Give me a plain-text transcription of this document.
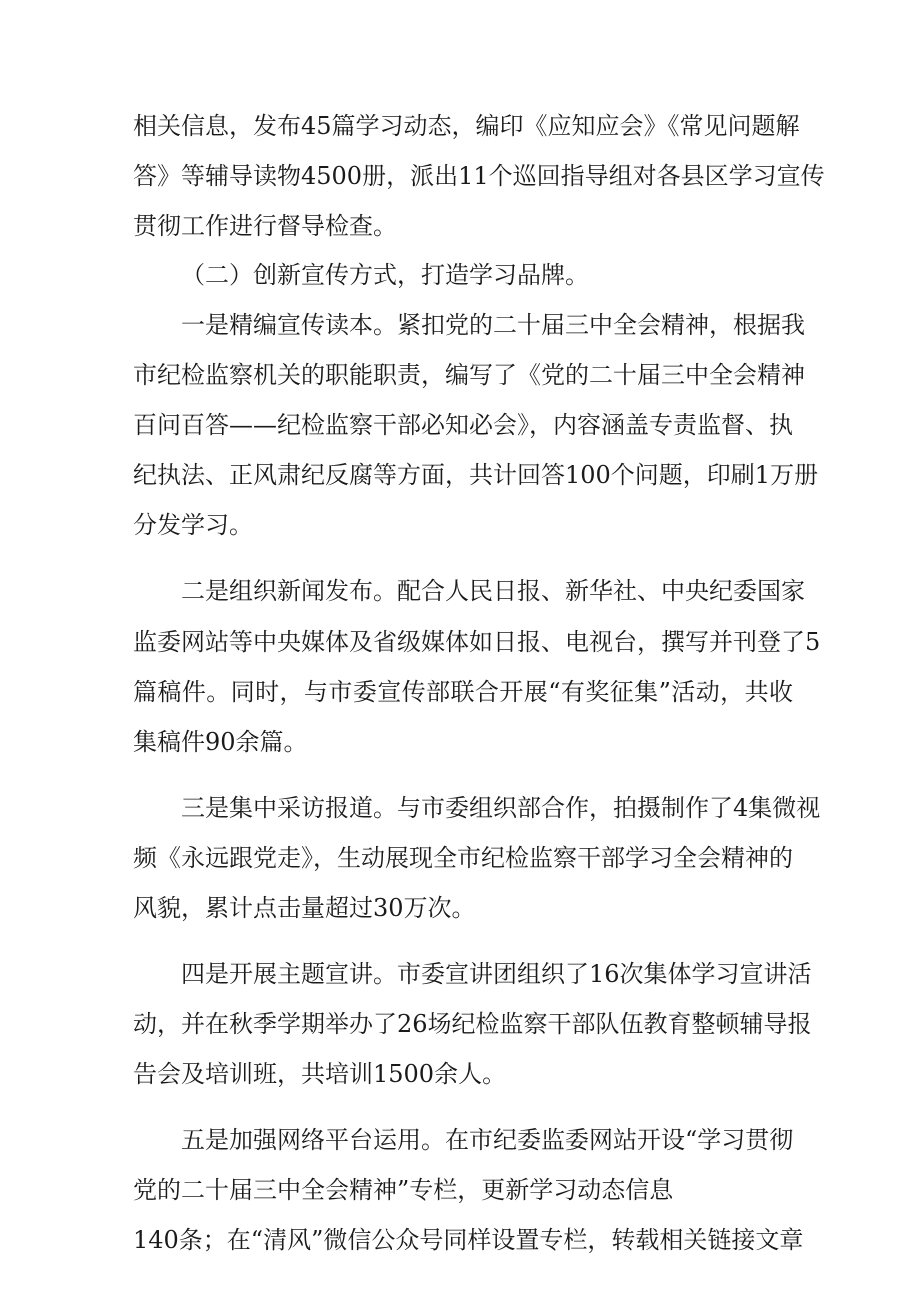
相关信息，发布45篇学习动态，编印《应知应会》《常见问题解
答》等辅导读物4500册，派出11个巡回指导组对各县区学习宣传
贯彻工作进行督导检查。
（二）创新宣传方式，打造学习品牌。
一是精编宣传读本。紧扣党的二十届三中全会精神，根据我
市纪检监察机关的职能职责，编写了《党的二十届三中全会精神
百问百答——纪检监察干部必知必会》，内容涵盖专责监督、执
纪执法、正风肃纪反腐等方面，共计回答100个问题，印刷1万册
分发学习。
二是组织新闻发布。配合人民日报、新华社、中央纪委国家
监委网站等中央媒体及省级媒体如日报、电视台，撰写并刊登了5
篇稿件。同时，与市委宣传部联合开展“有奖征集”活动，共收
集稿件90余篇。
三是集中采访报道。与市委组织部合作，拍摄制作了4集微视
频《永远跟党走》，生动展现全市纪检监察干部学习全会精神的
风貌，累计点击量超过30万次。
四是开展主题宣讲。市委宣讲团组织了16次集体学习宣讲活
动，并在秋季学期举办了26场纪检监察干部队伍教育整顿辅导报
告会及培训班，共培训1500余人。
五是加强网络平台运用。在市纪委监委网站开设“学习贯彻
党的二十届三中全会精神”专栏，更新学习动态信息
140条；在“清风”微信公众号同样设置专栏，转载相关链接文章
